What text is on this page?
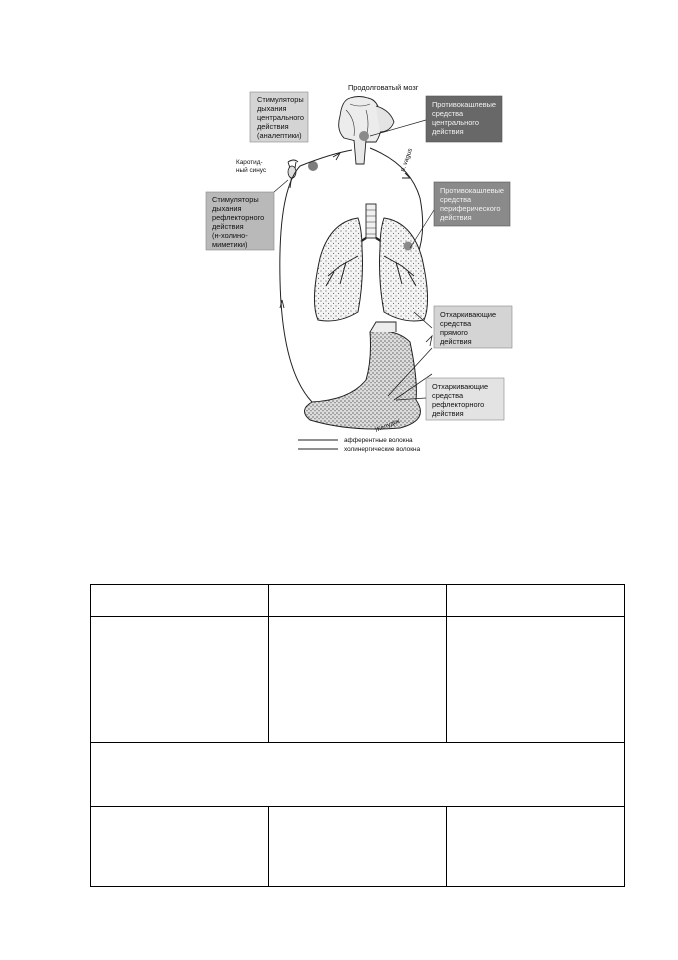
Продолговатый мозг
n. vagus
Каротид-
ный синус
Желудок
Стимуляторы
дыхания
центрального
действия
(аналептики)
Противокашлевые
средства
центрального
действия
Стимуляторы
дыхания
рефлекторного
действия
(н-холино-
миметики)
Противокашлевые
средства
периферического
действия
Отхаркивающие
средства
прямого
действия
Отхаркивающие
средства
рефлекторного
действия
афферентные волокна
холинергические волокна
